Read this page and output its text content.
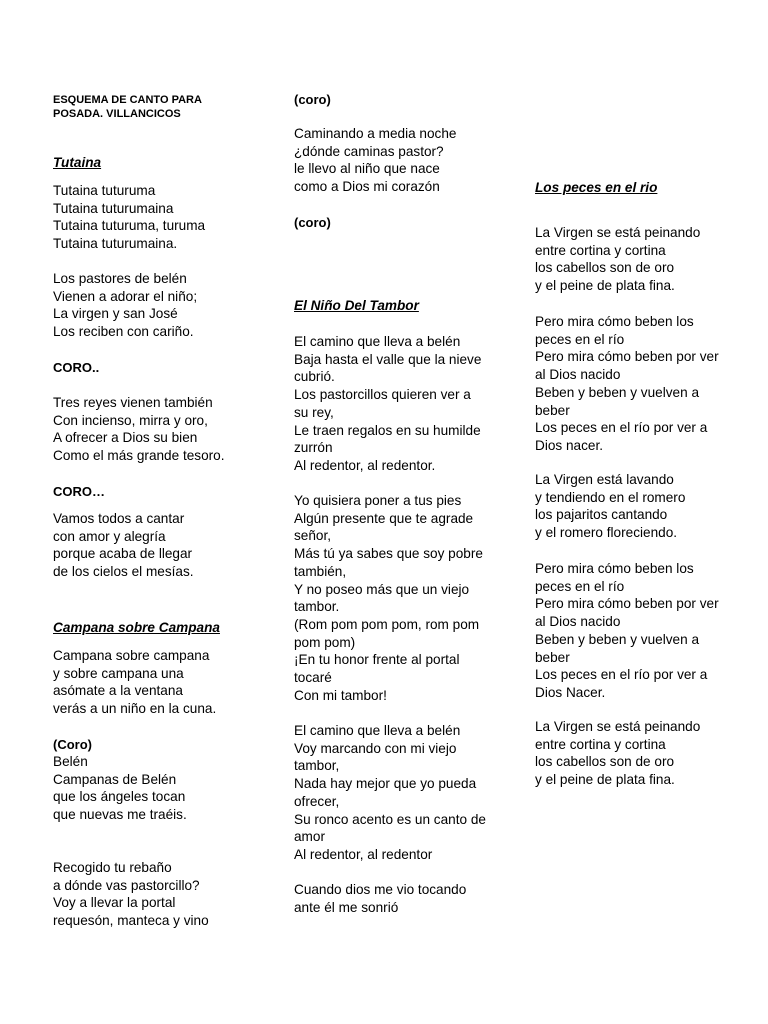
ESQUEMA DE CANTO PARA POSADA. VILLANCICOS
Tutaina
Tutaina tuturuma
Tutaina tuturumaina
Tutaina tuturuma, turuma
Tutaina tuturumaina.
Los pastores de belén
Vienen a adorar el niño;
La virgen y san José
Los reciben con cariño.
CORO..
Tres reyes vienen también
Con incienso, mirra y oro,
A ofrecer a Dios su bien
Como el más grande tesoro.
CORO…
Vamos todos a cantar
con amor y alegría
porque acaba de llegar
de los cielos el mesías.
Campana sobre Campana
Campana sobre campana
y sobre campana una
asómate a la ventana
verás a un niño en la cuna.
(Coro)
Belén
Campanas de Belén
que los ángeles tocan
que nuevas me traéis.
Recogido tu rebaño
a dónde vas pastorcillo?
Voy a llevar la portal
requesón, manteca y vino
(coro)
Caminando a media noche
¿dónde caminas pastor?
le llevo al niño que nace
como a Dios mi corazón
(coro)
El Niño Del Tambor
El camino que lleva a belén
Baja hasta el valle que la nieve
cubrió.
Los pastorcillos quieren ver a
su rey,
Le traen regalos en su humilde
zurrón
Al redentor, al redentor.
Yo quisiera poner a tus pies
Algún presente que te agrade
señor,
Más tú ya sabes que soy pobre
también,
Y no poseo más que un viejo
tambor.
(Rom pom pom pom, rom pom
pom pom)
¡En tu honor frente al portal
tocaré
Con mi tambor!
El camino que lleva a belén
Voy marcando con mi viejo
tambor,
Nada hay mejor que yo pueda
ofrecer,
Su ronco acento es un canto de
amor
Al redentor, al redentor
Cuando dios me vio tocando
ante él me sonrió
Los peces en el rio
La Virgen se está peinando
entre cortina y cortina
los cabellos son de oro
y el peine de plata fina.
Pero mira cómo beben los
peces en el río
Pero mira cómo beben por ver
al Dios nacido
Beben y beben y vuelven a
beber
Los peces en el río por ver a
Dios nacer.
La Virgen está lavando
y tendiendo en el romero
los pajaritos cantando
y el romero floreciendo.
Pero mira cómo beben los
peces en el río
Pero mira cómo beben por ver
al Dios nacido
Beben y beben y vuelven a
beber
Los peces en el río por ver a
Dios Nacer.
La Virgen se está peinando
entre cortina y cortina
los cabellos son de oro
y el peine de plata fina.
